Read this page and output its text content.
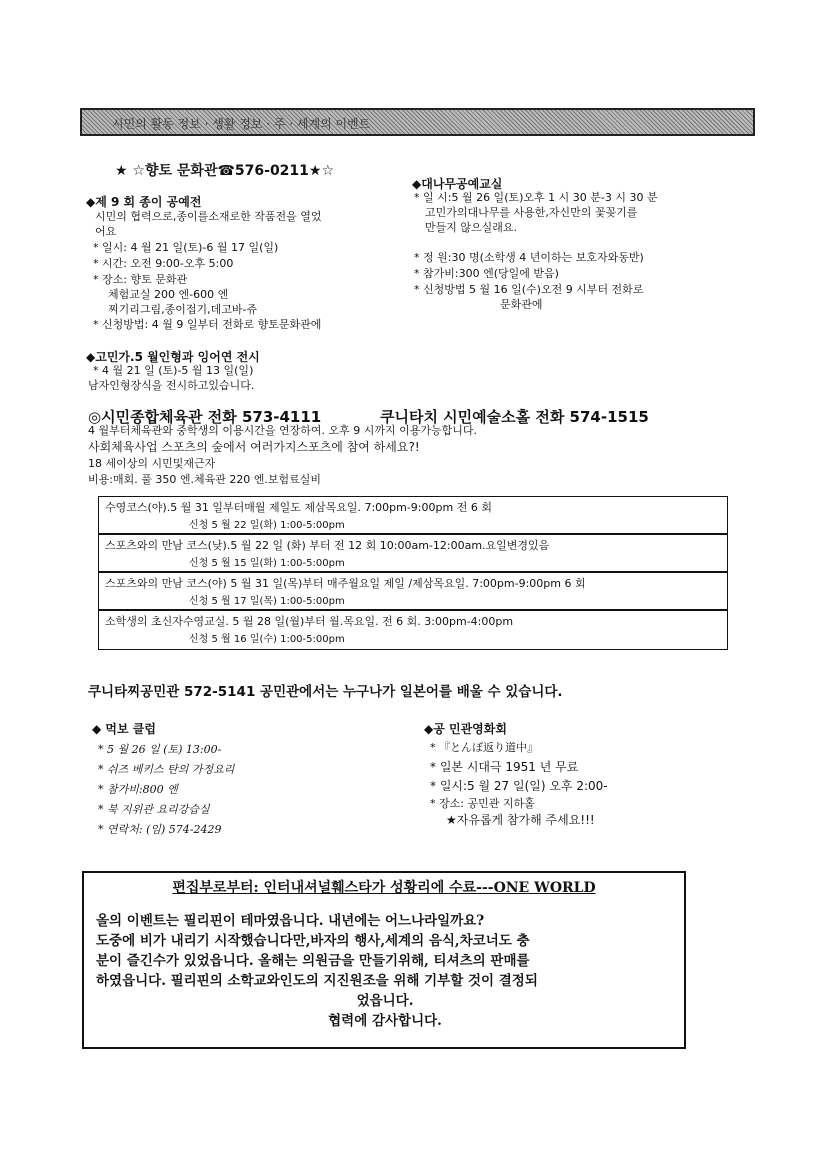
시민의 활동 정보 · 생활 정보 · 주 · 세계의 이벤트
★ ☆향토 문화관☎576-0211★☆
◆제 9 회 종이 공예전
시민의 협력으로,종이를소재로한 작품전을 열었
어요
* 일시: 4 월 21 일(토)-6 월 17 일(일)
* 시간: 오전 9:00-오후 5:00
* 장소: 향토 문화관
체험교실 200 엔-600 엔
찌기리그림,종이접기,데고바-쥬
* 신청방법: 4 월 9 일부터 전화로 향토문화관에
◆고민가.5 월인형과 잉어연 전시
* 4 월 21 일 (토)-5 월 13 일(일)
남자인형장식을 전시하고있습니다.
◆대나무공예교실
* 일 시:5 월 26 일(토)오후 1 시 30 분-3 시 30 분
고민가의대나무를 사용한,자신만의 꽃꽂기를
만들지 않으실래요.
* 정 원:30 명(소학생 4 년이하는 보호자와동반)
* 참가비:300 엔(당일에 받음)
* 신청방법 5 월 16 일(수)오전 9 시부터 전화로
문화관에
◎시민종합체육관 전화 573-4111	쿠니타치 시민예술소홀 전화 574-1515
4 월부터체육관와 중학생의 이용시간을 연장하여. 오후 9 시까지 이용가능합니다.
사회체육사업 스포츠의 숲에서 여러가지스포츠에 참여 하세요?!
18 세이상의 시민및재근자
비용:매회. 풀 350 엔.체육관 220 엔.보험료실비
수영코스(야).5 월 31 일부터매월 제일도 제삼목요일. 7:00pm-9:00pm 전 6 회
신청 5 월 22 일(화) 1:00-5:00pm
스포츠와의 만남 코스(낮).5 월 22 일 (화) 부터 전 12 회 10:00am-12:00am.요일변경있음
신청 5 월 15 일(화) 1:00-5:00pm
스포츠와의 만남 코스(야) 5 월 31 일(목)부터 매주월요일 제일 /제삼목요일. 7:00pm-9:00pm 6 회
신청 5 월 17 일(목) 1:00-5:00pm
소학생의 초신자수영교실. 5 월 28 일(월)부터 월.목요일. 전 6 회. 3:00pm-4:00pm
신청 5 월 16 일(수) 1:00-5:00pm
쿠니타찌공민관 572-5141 공민관에서는 누구나가 일본어를 배울 수 있습니다.
◆ 먹보 클럽
* 5 월 26 일 (토) 13:00-
* 쉬즈 베키스 탄의 가정요리
* 참가비:800 엔
* 북 지위관 요리강습실
* 연락처: (임) 574-2429
◆공 민관영화회
* 『とんぼ返り道中』
* 일본 시대극 1951 년 무료
* 일시:5 월 27 일(일) 오후 2:00-
* 장소: 공민관 지하홀
★자유롭게 참가해 주세요!!!
편집부로부터: 인터내셔널훼스타가 성황리에 수료---ONE WORLD
올의 이벤트는 필리핀이 테마였읍니다. 내년에는 어느나라일까요?
도중에 비가 내리기 시작했습니다만,바자의 행사,세계의 음식,차코너도 충
분이 즐긴수가 있었읍니다. 올해는 의원금을 만들기위해, 티셔츠의 판매를
하였읍니다. 필리핀의 소학교와인도의 지진원조을 위해 기부할 것이 결정되
었읍니다.
협력에 감사합니다.
